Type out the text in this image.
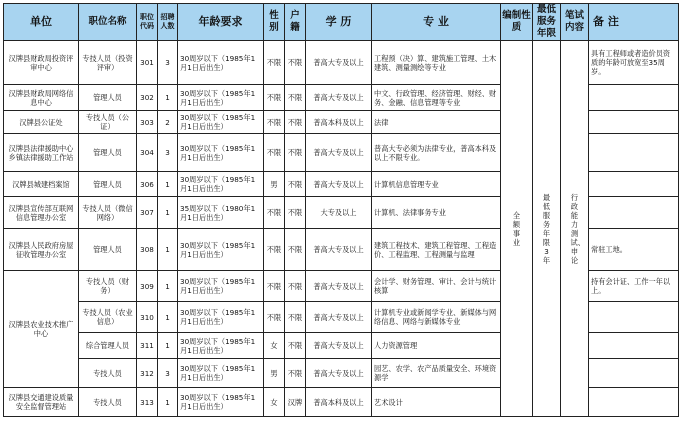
单位	职位名称	职位代码	招聘人数	年龄要求	性别	户籍	学 历	专 业	编制性质	最低服务年限	笔试内容	备 注
汉牌县财政局投资评审中心	专技人员（投资评审）	301	3	30周岁以下（1985年1月1日后出生）	不限	不限	普高大专及以上	工程预（决）算、建筑施工管理、土木建筑、测量测绘等专业	全额事业	最低服务年限3年	行政能力测试、申论	具有工程师或者造价员资质的年龄可放宽至35周岁。
汉牌县财政局网络信息中心	管理人员	302	1	30周岁以下（1985年1月1日后出生）	不限	不限	普高大专及以上	中文、行政管理、经济管理、财经、财务、金融、信息管理等专业				
汉牌县公证处	专技人员（公证）	303	2	30周岁以下（1985年1月1日后出生）	不限	不限	普高本科及以上	法律				
汉牌县法律援助中心乡镇法律援助工作站	管理人员	304	3	30周岁以下（1985年1月1日后出生）	不限	不限	普高大专及以上	普高大专必须为法律专业，普高本科及以上不限专业。				
汉牌县城建档案馆	管理人员	306	1	30周岁以下（1985年1月1日后出生）	男	不限	普高大专及以上	计算机信息管理专业				
汉牌县宣传部互联网信息管理办公室	专技人员（微信网络）	307	1	35周岁以下（1980年1月1日后出生）	不限	不限	大专及以上	计算机、法律事务专业				
汉牌县人民政府房屋征收管理办公室	管理人员	308	1	30周岁以下（1985年1月1日后出生）	不限	不限	普高大专及以上	建筑工程技术、建筑工程管理、工程造价、工程监理、工程测量与监理				常驻工地。
汉牌县农业技术推广中心	专技人员（财务）	309	1	30周岁以下（1985年1月1日后出生）	不限	不限	普高大专及以上	会计学、财务管理、审计、会计与统计核算				持有会计证、工作一年以上。
	专技人员（农业信息）	310	1	30周岁以下（1985年1月1日后出生）	不限	不限	普高大专及以上	计算机专业或新闻学专业、新媒体与网络信息、网络与新媒体专业				
	综合管理人员	311	1	30周岁以下（1985年1月1日后出生）	女	不限	普高大专及以上	人力资源管理				
	专技人员	312	3	30周岁以下（1985年1月1日后出生）	男	不限	普高大专及以上	园艺、农学、农产品质量安全、环境资源学				
汉牌县交通建设质量安全监督管理站	专技人员	313	1	30周岁以下（1985年1月1日后出生）	女	汉牌	普高本科及以上	艺术设计				
